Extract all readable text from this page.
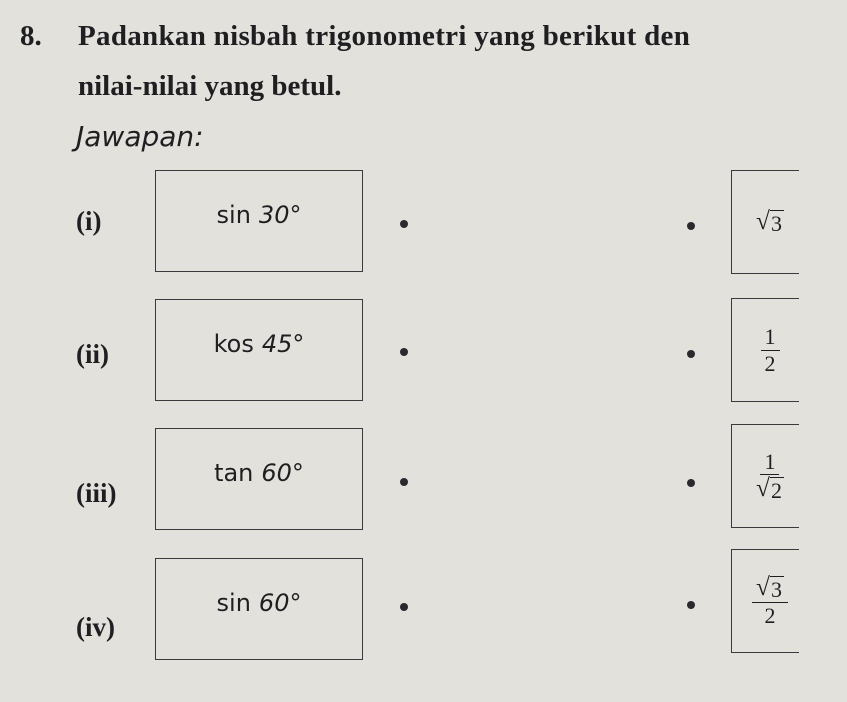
8. Padankan nisbah trigonometri yang berikut den
nilai-nilai yang betul.
Jawapan:
(i)	sin 30°
(ii)	kos 45°
(iii)
tan 60°
(iv)
sin 60°
√ 3
$\frac{1}{2}$
$\frac{1}{√ 2}$
$\frac{√ 3}{2}$
